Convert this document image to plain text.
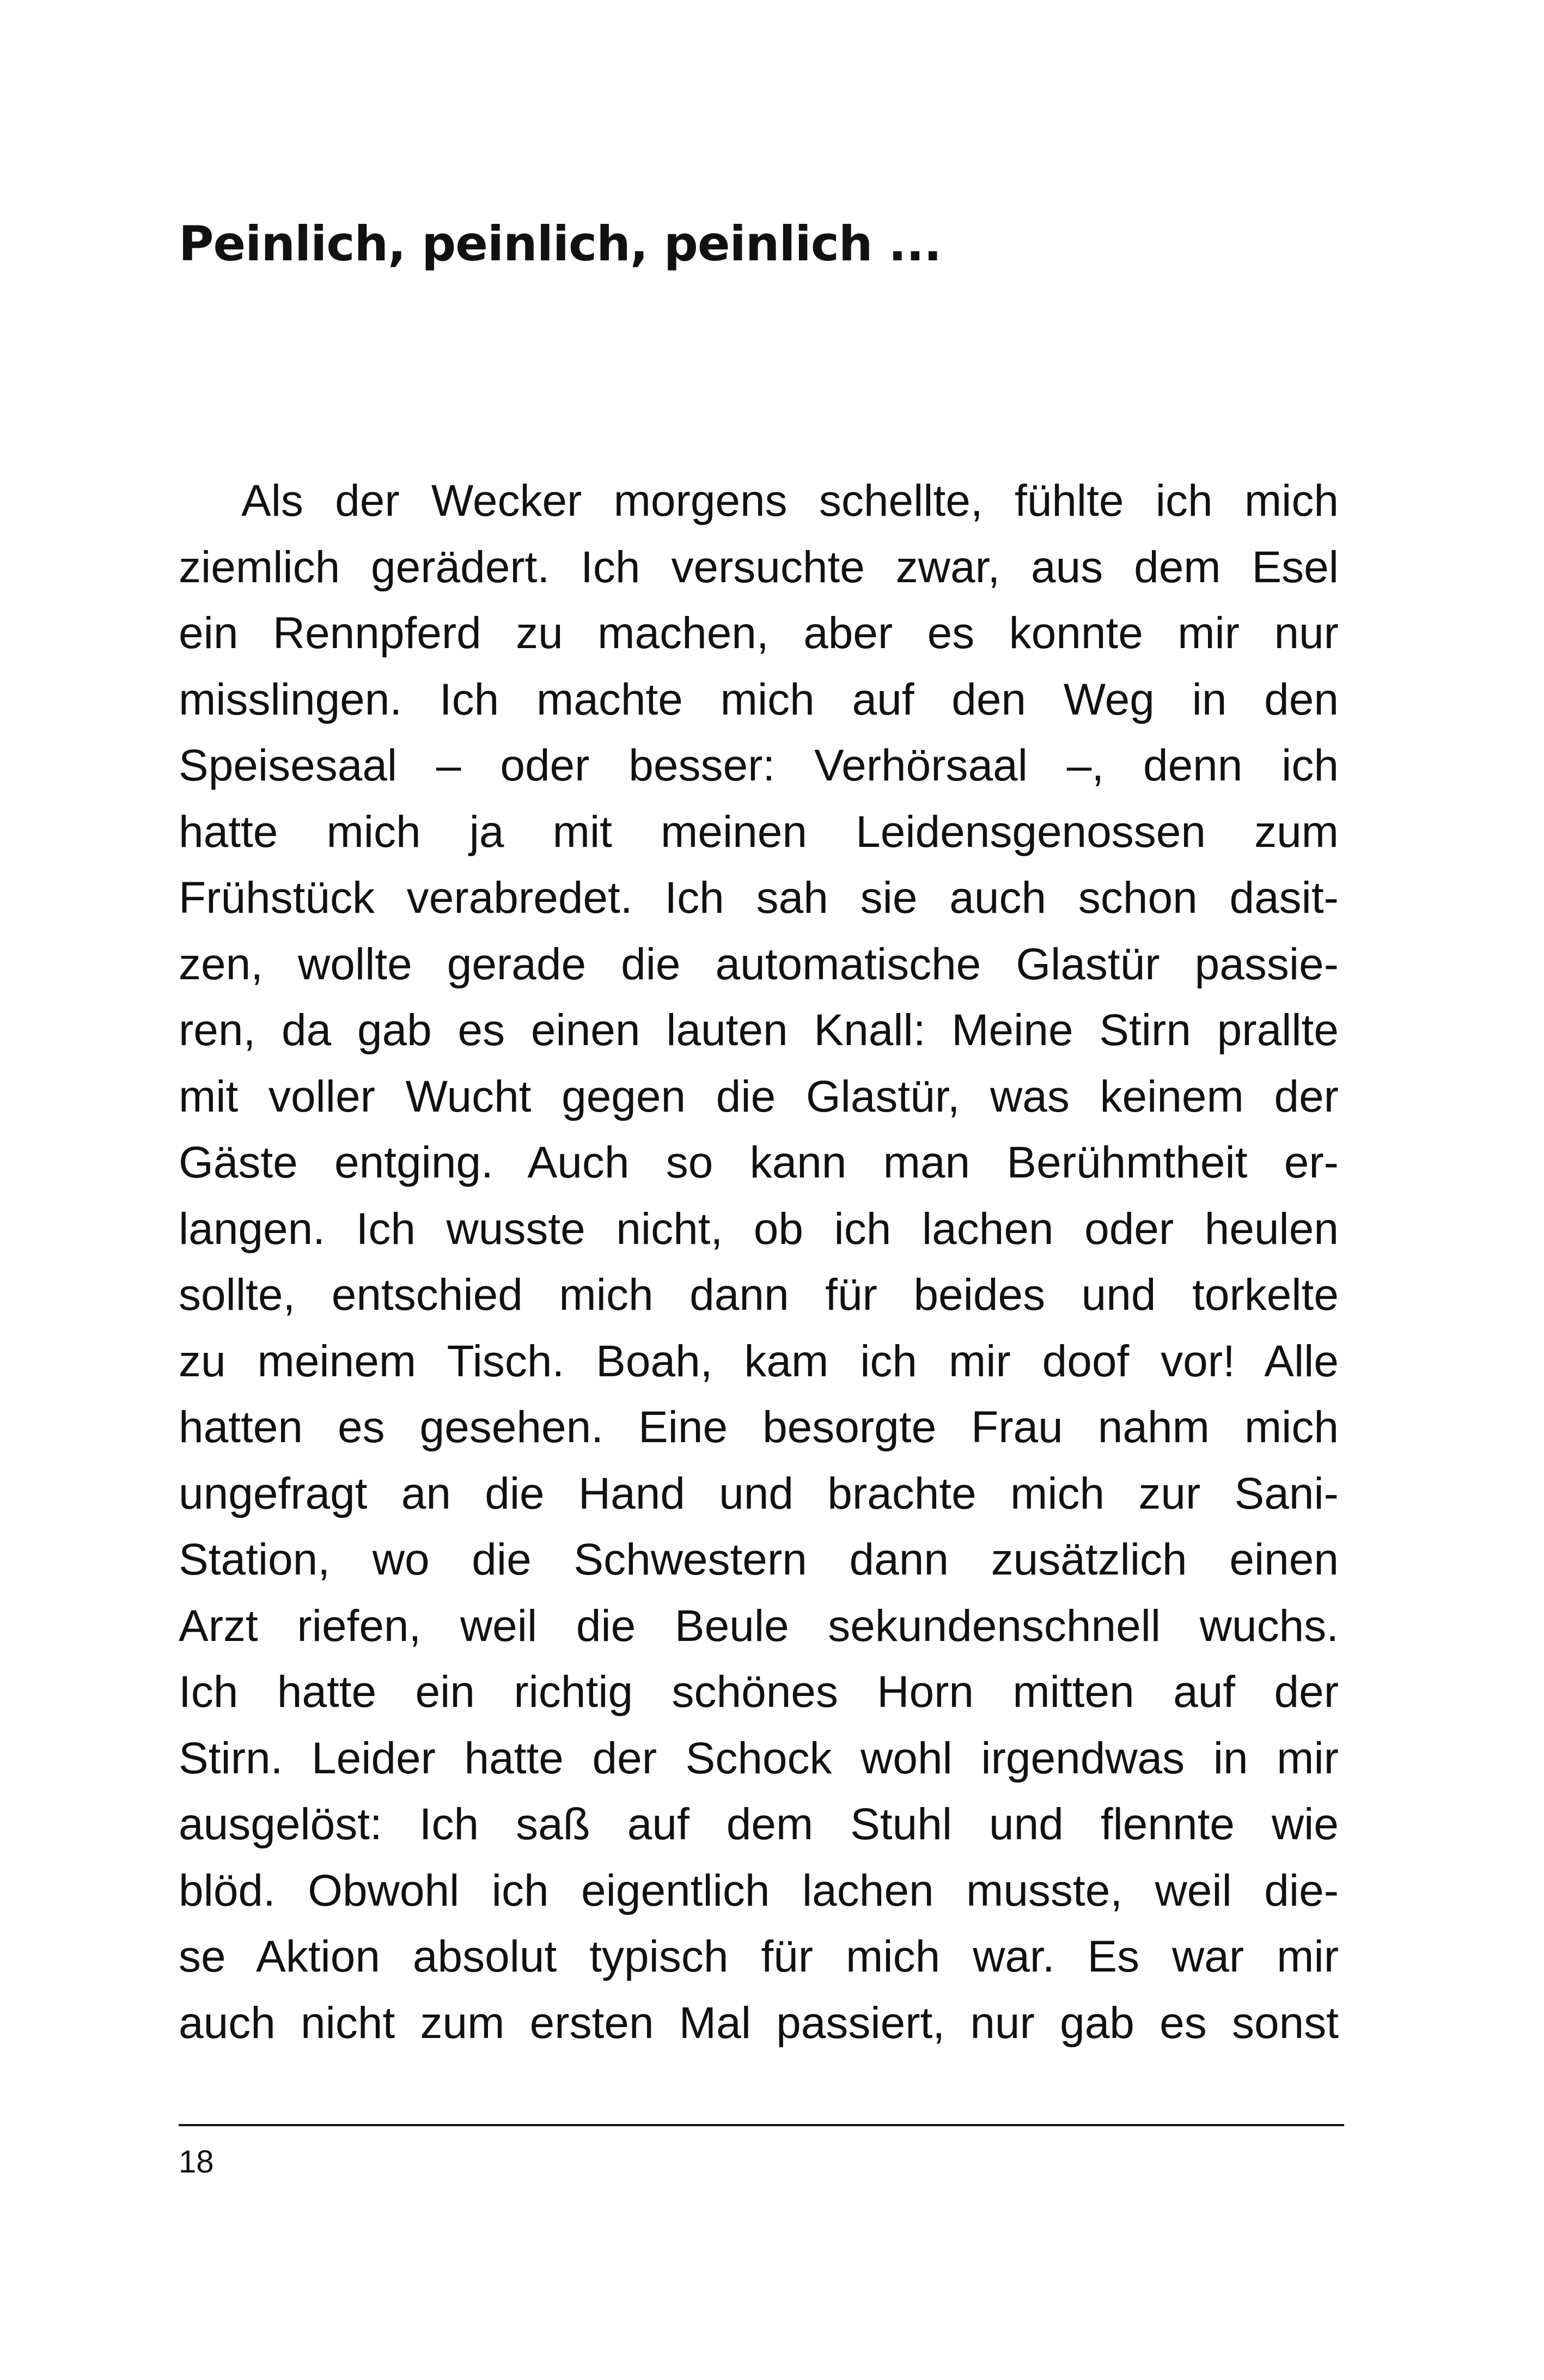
Peinlich, peinlich, peinlich ...
Als der Wecker morgens schellte, fühlte ich mich
ziemlich gerädert. Ich versuchte zwar, aus dem Esel
ein Rennpferd zu machen, aber es konnte mir nur
misslingen. Ich machte mich auf den Weg in den
Speisesaal – oder besser: Verhörsaal –, denn ich
hatte mich ja mit meinen Leidensgenossen zum
Frühstück verabredet. Ich sah sie auch schon dasit-
zen, wollte gerade die automatische Glastür passie-
ren, da gab es einen lauten Knall: Meine Stirn prallte
mit voller Wucht gegen die Glastür, was keinem der
Gäste entging. Auch so kann man Berühmtheit er-
langen. Ich wusste nicht, ob ich lachen oder heulen
sollte, entschied mich dann für beides und torkelte
zu meinem Tisch. Boah, kam ich mir doof vor! Alle
hatten es gesehen. Eine besorgte Frau nahm mich
ungefragt an die Hand und brachte mich zur Sani-
Station, wo die Schwestern dann zusätzlich einen
Arzt riefen, weil die Beule sekundenschnell wuchs.
Ich hatte ein richtig schönes Horn mitten auf der
Stirn. Leider hatte der Schock wohl irgendwas in mir
ausgelöst: Ich saß auf dem Stuhl und flennte wie
blöd. Obwohl ich eigentlich lachen musste, weil die-
se Aktion absolut typisch für mich war. Es war mir
auch nicht zum ersten Mal passiert, nur gab es sonst

18
